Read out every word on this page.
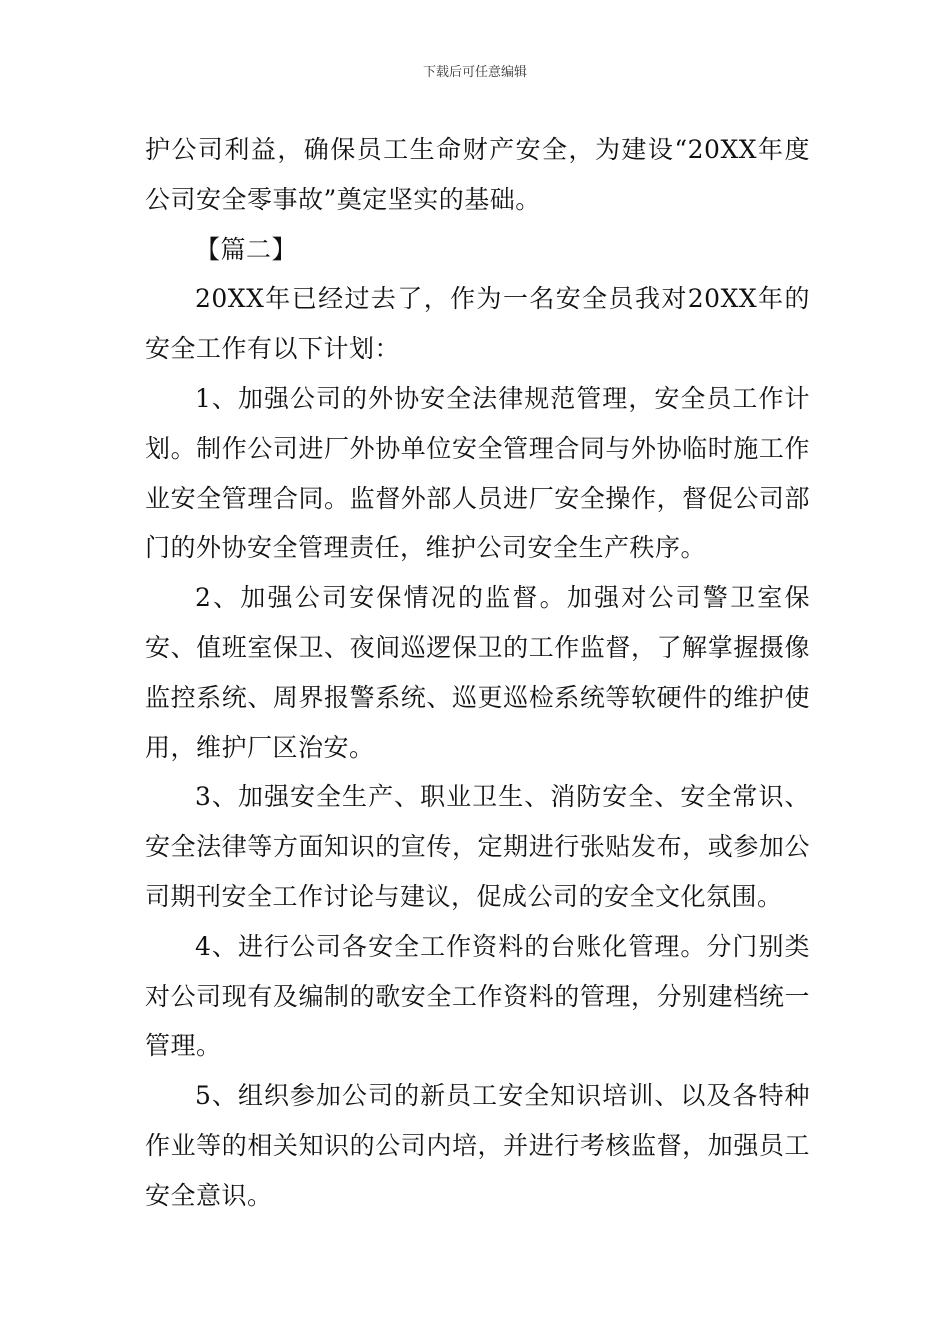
下载后可任意编辑

护公司利益，确保员工生命财产安全，为建设“20XX年度公司安全零事故”奠定坚实的基础。

【篇二】

20XX年已经过去了，作为一名安全员我对20XX年的安全工作有以下计划：

1、加强公司的外协安全法律规范管理，安全员工作计划。制作公司进厂外协单位安全管理合同与外协临时施工作业安全管理合同。监督外部人员进厂安全操作，督促公司部门的外协安全管理责任，维护公司安全生产秩序。

2、加强公司安保情况的监督。加强对公司警卫室保安、值班室保卫、夜间巡逻保卫的工作监督，了解掌握摄像监控系统、周界报警系统、巡更巡检系统等软硬件的维护使用，维护厂区治安。

3、加强安全生产、职业卫生、消防安全、安全常识、安全法律等方面知识的宣传，定期进行张贴发布，或参加公司期刊安全工作讨论与建议，促成公司的安全文化氛围。

4、进行公司各安全工作资料的台账化管理。分门别类对公司现有及编制的歌安全工作资料的管理，分别建档统一管理。

5、组织参加公司的新员工安全知识培训、以及各特种作业等的相关知识的公司内培，并进行考核监督，加强员工安全意识。
